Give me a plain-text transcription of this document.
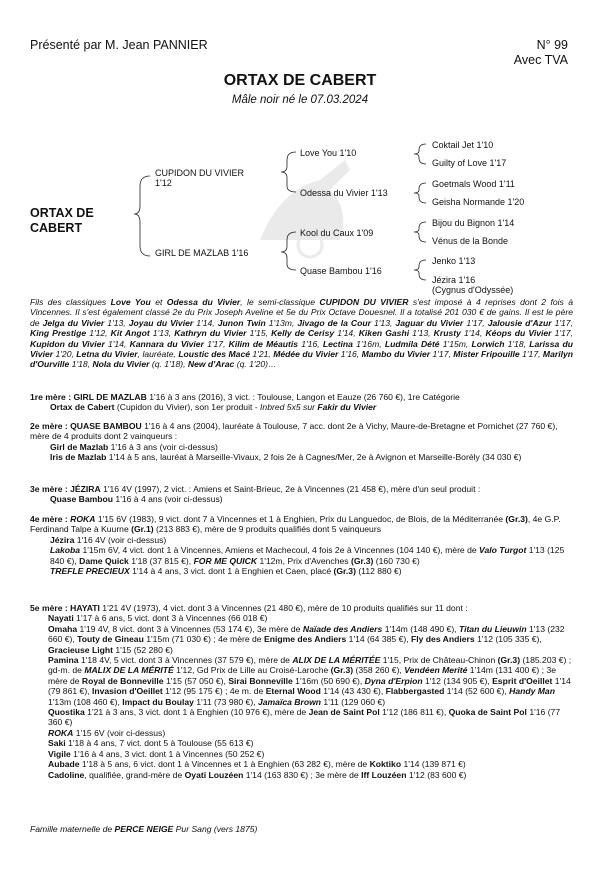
Présenté par M. Jean PANNIER	N° 99
Avec TVA
ORTAX DE CABERT
Mâle noir né le 07.03.2024
ORTAX DE
CABERT
CUPIDON DU VIVIER
1'12
GIRL DE MAZLAB 1'16
Love You 1'10
Odessa du Vivier 1'13
Kool du Caux 1'09
Quase Bambou 1'16
Coktail Jet 1'10
Guilty of Love 1'17
Goetmals Wood 1'11
Geisha Normande 1'20
Bijou du Bignon 1'14
Vénus de la Bonde
Jenko 1'13
Jézira 1'16
(Cygnus d'Odyssée)
Fils des classiques Love You et Odessa du Vivier, le semi-classique CUPIDON DU VIVIER s'est imposé à 4 reprises dont 2 fois à Vincennes. Il s'est également classé 2e du Prix Joseph Aveline et 5e du Prix Octave Douesnel. Il a totalisé 201 030 € de gains. Il est le père de Jelga du Vivier 1'13, Joyau du Vivier 1'14, Junon Twin 1'13m, Jivago de la Cour 1'13, Jaguar du Vivier 1'17, Jalousie d'Azur 1'17, King Prestige 1'12, Kit Angot 1'13, Kathryn du Vivier 1'15, Kelly de Cerisy 1'14, Kiken Gashi 1'13, Krusty 1'14, Kéops du Vivier 1'17, Kupidon du Vivier 1'14, Kannara du Vivier 1'17, Kilim de Méautis 1'16, Lectina 1'16m, Ludmila Dété 1'15m, Lorwich 1'18, Larissa du Vivier 1'20, Letna du Vivier, lauréate, Loustic des Macé 1'21, Médée du Vivier 1'16, Mambo du Vivier 1'17, Mister Fripouille 1'17, Marilyn d'Ourville 1'18, Nola du Vivier (q. 1'18), New d'Arac (q. 1'20)…

1re mère : GIRL DE MAZLAB 1'16 à 3 ans (2016), 3 vict. : Toulouse, Langon et Eauze (26 760 €), 1re Catégorie

Ortax de Cabert (Cupidon du Vivier), son 1er produit - Inbred 5x5 sur Fakir du Vivier

2e mère : QUASE BAMBOU 1'16 à 4 ans (2004), lauréate à Toulouse, 7 acc. dont 2e à Vichy, Maure-de-Bretagne et Pornichet (27 760 €), mère de 4 produits dont 2 vainqueurs :

Girl de Mazlab 1'16 à 3 ans (voir ci-dessus)

Iris de Mazlab 1'14 à 5 ans, lauréat à Marseille-Vivaux, 2 fois 2e à Cagnes/Mer, 2e à Avignon et Marseille-Borély (34 030 €)

3e mère : JÉZIRA 1'16 4V (1997), 2 vict. : Amiens et Saint-Brieuc, 2e à Vincennes (21 458 €), mère d'un seul produit :

Quase Bambou 1'16 à 4 ans (voir ci-dessus)

4e mère : ROKA 1'15 6V (1983), 9 vict. dont 7 à Vincennes et 1 à Enghien, Prix du Languedoc, de Blois, de la Méditerranée (Gr.3), 4e G.P. Ferdinand Talpe à Kuurne (Gr.1) (213 883 €), mère de 9 produits qualifiés dont 5 vainqueurs

Jézira 1'16 4V (voir ci-dessus)

Lakoba 1'15m 6V, 4 vict. dont 1 à Vincennes, Amiens et Machecoul, 4 fois 2e à Vincennes (104 140 €), mère de Valo Turgot 1'13 (125 840 €), Dame Quick 1'18 (37 815 €), FOR ME QUICK 1'12m, Prix d'Avenches (Gr.3) (160 730 €)

TREFLE PRECIEUX 1'14 à 4 ans, 3 vict. dont 1 à Enghien et Caen, placé (Gr.3) (112 880 €)

5e mère : HAYATI 1'21 4V (1973), 4 vict. dont 3 à Vincennes (21 480 €), mère de 10 produits qualifiés sur 11 dont :

Nayati 1'17 à 6 ans, 5 vict. dont 3 à Vincennes (66 018 €)

Omaha 1'19 4V, 8 vict. dont 3 à Vincennes (53 174 €), 3e mère de Naïade des Andiers 1'14m (148 490 €), Titan du Lieuwin 1'13 (232 660 €), Touty de Gineau 1'15m (71 030 €) ; 4e mère de Enigme des Andiers 1'14 (64 385 €), Fly des Andiers 1'12 (105 335 €), Gracieuse Light 1'15 (52 280 €)

Pamina 1'18 4V, 5 vict. dont 3 à Vincennes (37 579 €), mère de ALIX DE LA MÉRITÉE 1'15, Prix de Château-Chinon (Gr.3) (185.203 €) ; gd-m. de MALIX DE LA MÉRITÉ 1'12, Gd Prix de Lille au Croisé-Laroche (Gr.3) (358 260 €), Vendéen Merité 1'14m (131 400 €) ; 3e mère de Royal de Bonneville 1'15 (57 050 €), Sirai Bonneville 1'16m (50 690 €), Dyna d'Erpion 1'12 (134 905 €), Esprit d'Oeillet 1'14 (79 861 €), Invasion d'Oeillet 1'12 (95 175 €) ; 4e m. de Eternal Wood 1'14 (43 430 €), Flabbergasted 1'14 (52 600 €), Handy Man 1'13m (108 460 €), Impact du Boulay 1'11 (73 980 €), Jamaïca Brown 1'11 (129 060 €)

Quostika 1'21 à 3 ans, 3 vict. dont 1 à Enghien (10 976 €), mère de Jean de Saint Pol 1'12 (186 811 €), Quoka de Saint Pol 1'16 (77 360 €)

ROKA 1'15 6V (voir ci-dessus)

Saki 1'18 à 4 ans, 7 vict. dont 5 à Toulouse (55 613 €)

Vigile 1'16 à 4 ans, 3 vict. dont 1 à Vincennes (50 252 €)

Aubade 1'18 à 5 ans, 6 vict. dont 1 à Vincennes et 1 à Enghien (63 282 €), mère de Koktiko 1'14 (139 871 €)

Cadoline, qualifiée, grand-mère de Oyati Louzéen 1'14 (163 830 €) ; 3e mère de Iff Louzéen 1'12 (83 600 €)

Famille maternelle de PERCE NEIGE Pur Sang (vers 1875)
